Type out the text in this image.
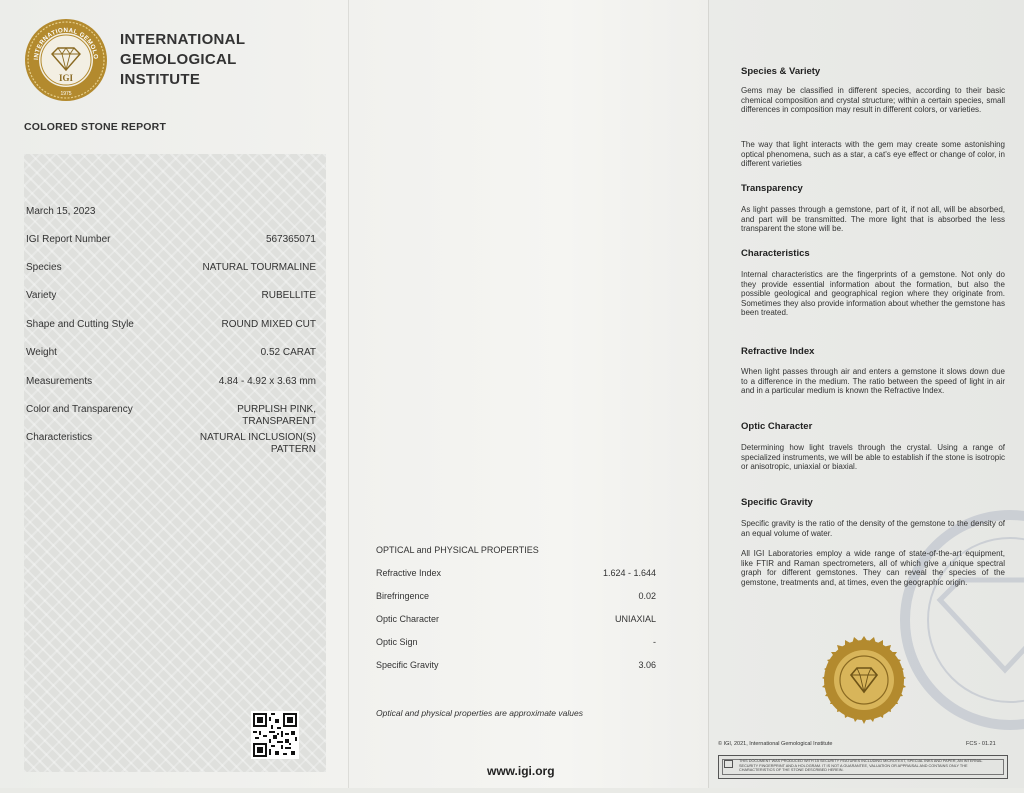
INTERNATIONAL GEMOLO
IGI
1975
INTERNATIONAL
GEMOLOGICAL
INSTITUTE
COLORED STONE REPORT
March 15, 2023
IGI Report Number	567365071
Species	NATURAL TOURMALINE
Variety	RUBELLITE
Shape and Cutting Style	ROUND MIXED CUT
Weight	0.52 CARAT
Measurements	4.84 - 4.92 x 3.63 mm
Color and Transparency	PURPLISH PINK,
TRANSPARENT
Characteristics	NATURAL INCLUSION(S)
PATTERN
OPTICAL and PHYSICAL PROPERTIES
Refractive Index	1.624 - 1.644
Birefringence	0.02
Optic Character	UNIAXIAL
Optic Sign	-
Specific Gravity	3.06
Optical and physical properties are approximate values
www.igi.org
Species & Variety
Gems may be classified in different species, according to their basic chemical composition and crystal structure; within a certain species, small differences in composition may result in different colors, or varieties.
The way that light interacts with the gem may create some astonishing optical phenomena, such as a star, a cat's eye effect or change of color, in different varieties
Transparency
As light passes through a gemstone, part of it, if not all, will be absorbed, and part will be transmitted. The more light that is absorbed the less transparent the stone will be.
Characteristics
Internal characteristics are the fingerprints of a gemstone. Not only do they provide essential information about the formation, but also the possible geological and geographical region where they originate from. Sometimes they also provide information about whether the gemstone has been treated.
Refractive Index
When light passes through air and enters a gemstone it slows down due to a difference in the medium. The ratio between the speed of light in air and in a particular medium is known the Refractive Index.
Optic Character
Determining how light travels through the crystal. Using a range of specialized instruments, we will be able to establish if the stone is isotropic or anisotropic, uniaxial or biaxial.
Specific Gravity
Specific gravity is the ratio of the density of the gemstone to the density of an equal volume of water.
All IGI Laboratories employ a wide range of state-of-the-art equipment, like FTIR and Raman spectrometers, all of which give a unique spectral graph for different gemstones. They can reveal the species of the gemstone, treatments and, at times, even the geographic origin.
© IGI, 2021, International Gemological Institute	FCS - 01.21
THIS DOCUMENT WAS PRODUCED WITH 15 SECURITY FEATURES INCLUDING MICROTEXT, SPECIAL INKS AND PAPER, AN INTERNAL SECURITY FINGERPRINT AND A HOLOGRAM. IT IS NOT A GUARANTEE, VALUATION OR APPRAISAL AND CONTAINS ONLY THE CHARACTERISTICS OF THE STONE DESCRIBED HEREIN.
